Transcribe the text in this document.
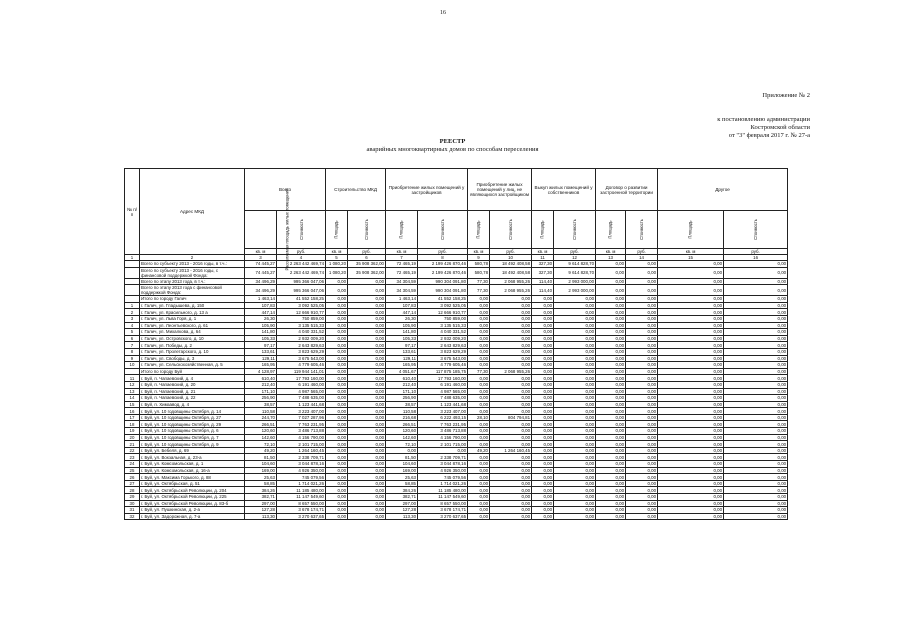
16
Приложение № 2
к постановлению администрации
Костромской области
от "3" февраля 2017 г. № 27-а
РЕЕСТР
аварийных многоквартирных домов по способам переселения
№ п/п	Адрес МКД	Всего		Строительство МКД		Приобретение жилых помещений у застройщиков		Приобретение жилых помещений у лиц, не являющихся застройщиком		Выкуп жилых помещений у собственников		Договор о развитии застроенной территории		Другое	
		Расселяемая площадь жилых помещений	Стоимость	Площадь	Стоимость	Площадь	Стоимость	Площадь	Стоимость	Площадь	Стоимость	Площадь	Стоимость	Площадь	Стоимость
		кв. м	руб.	кв. м	руб.	кв. м	руб.	кв. м	руб.	кв. м	руб.	кв. м	руб.	кв. м	руб.
1	2	3	4	5	6	7	8	9	10	11	12	13	14	15	16
	Всего по субъекту 2013 - 2016 годы, в т.ч.:	74 445,27	2 263 442 469,74	1 080,20	35 908 362,00	72 465,19	2 199 426 870,46	580,78	18 492 408,58	327,30	9 614 828,70	0,00	0,00	0,00	0,00
	Всего по субъекту 2013 - 2016 годы, с финансовой поддержкой Фонда:	74 445,27	2 263 442 469,74	1 080,20	35 908 362,00	72 465,19	2 199 426 870,46	580,78	18 492 408,58	327,30	9 614 828,70	0,00	0,00	0,00	0,00
	Всего по этапу 2013 года, в т.ч.:	34 496,29	995 366 047,06	0,00	0,00	34 304,59	990 304 091,80	77,30	2 068 955,26	114,40	2 993 000,00	0,00	0,00	0,00	0,00
	Всего по этапу 2013 года с финансовой поддержкой Фонда:	34 496,29	995 366 047,06	0,00	0,00	34 304,59	990 304 091,80	77,30	2 068 955,26	114,40	2 993 000,00	0,00	0,00	0,00	0,00
	Итого по городу Галич	1 463,14	41 552 158,25	0,00	0,00	1 463,14	41 552 158,25	0,00	0,00	0,00	0,00	0,00	0,00	0,00	0,00
1	г. Галич, ул. Гладышева, д. 150	107,83	3 092 525,05	0,00	0,00	107,83	3 092 525,05	0,00	0,00	0,00	0,00	0,00	0,00	0,00	0,00
2	г. Галич, ул. Красильного, д. 13 а	447,14	12 666 910,77	0,00	0,00	447,14	12 666 910,77	0,00	0,00	0,00	0,00	0,00	0,00	0,00	0,00
3	г. Галич, ул. Льва Горя, д. 1	26,30	750 859,00	0,00	0,00	26,30	750 859,00	0,00	0,00	0,00	0,00	0,00	0,00	0,00	0,00
4	г. Галич, ул. Леонтьевского, д. 61	105,90	3 135 515,33	0,00	0,00	105,90	3 135 515,33	0,00	0,00	0,00	0,00	0,00	0,00	0,00	0,00
5	г. Галич, ул. Михалкова, д. 64	141,80	4 040 331,52	0,00	0,00	141,80	4 040 331,52	0,00	0,00	0,00	0,00	0,00	0,00	0,00	0,00
6	г. Галич, ул. Островского, д. 10	105,33	2 932 009,20	0,00	0,00	105,33	2 932 009,20	0,00	0,00	0,00	0,00	0,00	0,00	0,00	0,00
7	г. Галич, ул. Победы, д. 2	97,17	2 643 829,63	0,00	0,00	97,17	2 643 829,63	0,00	0,00	0,00	0,00	0,00	0,00	0,00	0,00
8	г. Галич, ул. Пролетарского, д. 10	133,61	3 823 629,29	0,00	0,00	133,61	3 823 629,29	0,00	0,00	0,00	0,00	0,00	0,00	0,00	0,00
9	г. Галич, ул. Свободы, д. 3	129,11	3 675 543,00	0,00	0,00	129,11	3 675 543,00	0,00	0,00	0,00	0,00	0,00	0,00	0,00	0,00
10	г. Галич, ул. Сельскохозяйственная, д. 5	165,95	4 779 605,46	0,00	0,00	165,95	4 779 605,46	0,00	0,00	0,00	0,00	0,00	0,00	0,00	0,00
	Итого по городу Буй	4 128,97	119 944 141,01	0,00	0,00	4 051,67	117 875 185,75	77,30	2 068 955,26	0,00	0,00	0,00	0,00	0,00	0,00
11	г. Буй, п. Чапаевский, д. 4	610,40	17 793 160,00	0,00	0,00	610,40	17 793 160,00	0,00	0,00	0,00	0,00	0,00	0,00	0,00	0,00
12	г. Буй, п. Чапаевский, д. 20	212,40	6 191 460,00	0,00	0,00	212,40	6 191 460,00	0,00	0,00	0,00	0,00	0,00	0,00	0,00	0,00
13	г. Буй, п. Чапаевский, д. 21	171,10	4 987 565,00	0,00	0,00	171,10	4 987 565,00	0,00	0,00	0,00	0,00	0,00	0,00	0,00	0,00
14	г. Буй, п. Чапаевский, д. 22	256,90	7 488 635,00	0,00	0,00	256,90	7 488 635,00	0,00	0,00	0,00	0,00	0,00	0,00	0,00	0,00
15	г. Буй, п. Химзавод, д. 4	38,57	1 123 441,68	0,00	0,00	38,57	1 123 441,68	0,00	0,00	0,00	0,00	0,00	0,00	0,00	0,00
16	г. Буй, ул. 10 годовщины Октября, д. 14	110,58	3 223 407,00	0,00	0,00	110,58	3 223 407,00	0,00	0,00	0,00	0,00	0,00	0,00	0,00	0,00
17	г. Буй, ул. 10 годовщины Октября, д. 27	244,70	7 027 287,96	0,00	0,00	216,68	6 222 493,15	28,10	804 794,81	0,00	0,00	0,00	0,00	0,00	0,00
18	г. Буй, ул. 10 годовщины Октября, д. 29	266,51	7 763 231,95	0,00	0,00	266,51	7 763 231,95	0,00	0,00	0,00	0,00	0,00	0,00	0,00	0,00
19	г. Буй, ул. 10 годовщины Октября, д. 6	120,60	3 486 713,88	0,00	0,00	120,60	3 486 713,88	0,00	0,00	0,00	0,00	0,00	0,00	0,00	0,00
20	г. Буй, ул. 10 годовщины Октября, д. 7	142,60	4 156 790,00	0,00	0,00	142,60	4 156 790,00	0,00	0,00	0,00	0,00	0,00	0,00	0,00	0,00
21	г. Буй, ул. 10 годовщины Октября, д. 9	72,10	2 101 715,00	0,00	0,00	72,10	2 101 715,00	0,00	0,00	0,00	0,00	0,00	0,00	0,00	0,00
22	г. Буй, ул. Бебеля, д. 69	49,20	1 264 160,45	0,00	0,00	0,00	0,00	49,20	1 264 160,45	0,00	0,00	0,00	0,00	0,00	0,00
23	г. Буй, ул. Вокзальная, д. 23-а	81,50	2 338 709,71	0,00	0,00	81,50	2 338 709,71	0,00	0,00	0,00	0,00	0,00	0,00	0,00	0,00
24	г. Буй, ул. Комсомольская, д. 1	104,60	3 044 878,16	0,00	0,00	104,60	3 044 878,16	0,00	0,00	0,00	0,00	0,00	0,00	0,00	0,00
25	г. Буй, ул. Комсомольская, д. 16-а	169,00	4 926 350,00	0,00	0,00	169,00	4 926 350,00	0,00	0,00	0,00	0,00	0,00	0,00	0,00	0,00
26	г. Буй, ул. Максима Горького, д. 88	25,63	745 079,56	0,00	0,00	25,63	745 079,56	0,00	0,00	0,00	0,00	0,00	0,00	0,00	0,00
27	г. Буй, ул. Октябрьская, д. 51	58,85	1 714 021,26	0,00	0,00	58,85	1 714 021,26	0,00	0,00	0,00	0,00	0,00	0,00	0,00	0,00
28	г. Буй, ул. Октябрьской Революции, д. 204	384,26	11 185 480,00	0,00	0,00	384,26	11 185 480,00	0,00	0,00	0,00	0,00	0,00	0,00	0,00	0,00
29	г. Буй, ул. Октябрьской Революции, д. 225	382,71	11 147 549,60	0,00	0,00	382,71	11 147 549,60	0,00	0,00	0,00	0,00	0,00	0,00	0,00	0,00
30	г. Буй, ул. Октябрьской Революции, д. 83-б	297,00	8 657 550,00	0,00	0,00	297,00	8 657 550,00	0,00	0,00	0,00	0,00	0,00	0,00	0,00	0,00
31	г. Буй, ул. Пушкинская, д. 2-а	127,28	3 678 174,71	0,00	0,00	127,28	3 678 174,71	0,00	0,00	0,00	0,00	0,00	0,00	0,00	0,00
32	г. Буй, ул. Задорожная, д. 7-а	113,30	3 270 637,65	0,00	0,00	113,30	3 270 637,65	0,00	0,00	0,00	0,00	0,00	0,00	0,00	0,00
